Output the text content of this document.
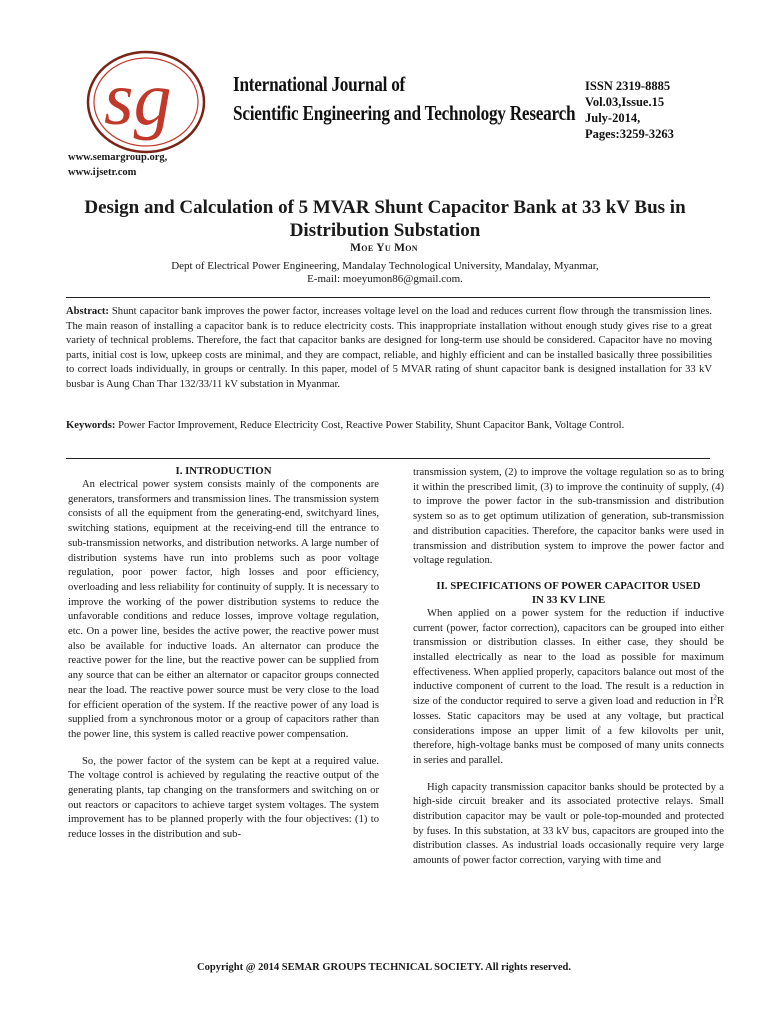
sg	International Journal of
Scientific Engineering and Technology Research
ISSN 2319-8885
Vol.03,Issue.15
July-2014,
Pages:3259-3263
www.semargroup.org,
www.ijsetr.com
Design and Calculation of 5 MVAR Shunt Capacitor Bank at 33 kV Bus in
Distribution Substation
Moe Yu Mon
Dept of Electrical Power Engineering, Mandalay Technological University, Mandalay, Myanmar,
E-mail: moeyumon86@gmail.com.
Abstract: Shunt capacitor bank improves the power factor, increases voltage level on the load and reduces current flow through the transmission lines. The main reason of installing a capacitor bank is to reduce electricity costs. This inappropriate installation without enough study gives rise to a great variety of technical problems. Therefore, the fact that capacitor banks are designed for long-term use should be considered. Capacitor have no moving parts, initial cost is low, upkeep costs are minimal, and they are compact, reliable, and highly efficient and can be installed basically three possibilities to correct loads individually, in groups or centrally. In this paper, model of 5 MVAR rating of shunt capacitor bank is designed installation for 33 kV busbar is Aung Chan Thar 132/33/11 kV substation in Myanmar.
Keywords: Power Factor Improvement, Reduce Electricity Cost, Reactive Power Stability, Shunt Capacitor Bank, Voltage Control.
I. INTRODUCTION

An electrical power system consists mainly of the components are generators, transformers and transmission lines. The transmission system consists of all the equipment from the generating-end, switchyard lines, switching stations, equipment at the receiving-end till the entrance to sub-transmission networks, and distribution networks. A large number of distribution systems have run into problems such as poor voltage regulation, poor power factor, high losses and poor efficiency, overloading and less reliability for continuity of supply. It is necessary to improve the working of the power distribution systems to reduce the unfavorable conditions and reduce losses, improve voltage regulation, etc. On a power line, besides the active power, the reactive power must also be available for inductive loads. An alternator can produce the reactive power for the line, but the reactive power can be supplied from any source that can be either an alternator or capacitor groups connected near the load. The reactive power source must be very close to the load for efficient operation of the system. If the reactive power of any load is supplied from a synchronous motor or a group of capacitors rather than the power line, this system is called reactive power compensation.

So, the power factor of the system can be kept at a required value. The voltage control is achieved by regulating the reactive output of the generating plants, tap changing on the transformers and switching on or out reactors or capacitors to achieve target system voltages. The system improvement has to be planned properly with the four objectives: (1) to reduce losses in the distribution and sub-

transmission system, (2) to improve the voltage regulation so as to bring it within the prescribed limit, (3) to improve the continuity of supply, (4) to improve the power factor in the sub-transmission and distribution system so as to get optimum utilization of generation, sub-transmission and distribution capacities. Therefore, the capacitor banks were used in transmission and distribution system to improve the power factor and voltage regulation.

II. SPECIFICATIONS OF POWER CAPACITOR USED
IN 33 KV LINE

When applied on a power system for the reduction if inductive current (power, factor correction), capacitors can be grouped into either transmission or distribution classes. In either case, they should be installed electrically as near to the load as possible for maximum effectiveness. When applied properly, capacitors balance out most of the inductive component of current to the load. The result is a reduction in size of the conductor required to serve a given load and reduction in $I^2R$ losses. Static capacitors may be used at any voltage, but practical considerations impose an upper limit of a few kilovolts per unit, therefore, high-voltage banks must be composed of many units connects in series and parallel.

High capacity transmission capacitor banks should be protected by a high-side circuit breaker and its associated protective relays. Small distribution capacitor may be vault or pole-top-mounded and protected by fuses. In this substation, at 33 kV bus, capacitors are grouped into the distribution classes. As industrial loads occasionally require very large amounts of power factor correction, varying with time and

Copyright @ 2014 SEMAR GROUPS TECHNICAL SOCIETY. All rights reserved.
